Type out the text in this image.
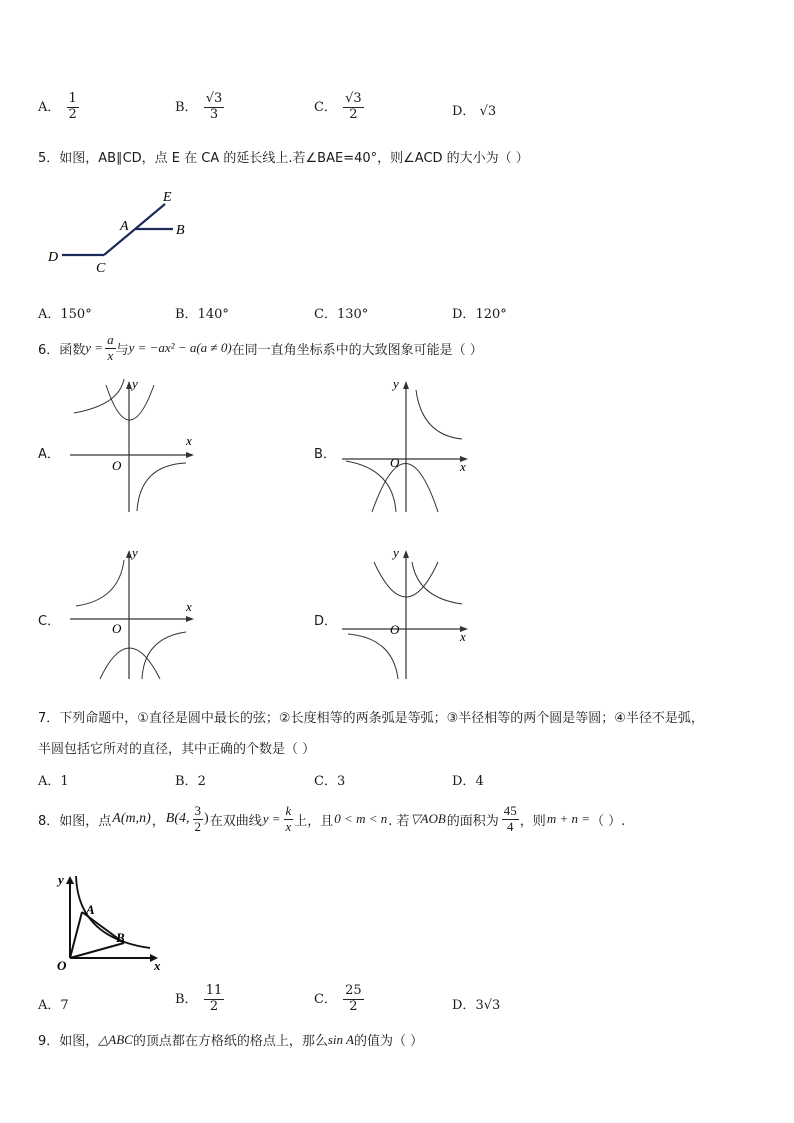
A． $\frac{1}{2}$	B． $\frac{√3}{3}$	C． $\frac{√3}{2}$	D． √3
5．如图，AB∥CD，点 E 在 CA 的延长线上.若∠BAE=40°，则∠ACD 的大小为（ ）
E
A	B
D
C
A．150°	B．140°	C．130°	D．120°
6．函数 $y = \frac{a}{x}$ 与 y = −ax² − a(a ≠ 0) 在同一直角坐标系中的大致图象可能是（ ）
A．
x
y
O
B．
x
y
O
C．
x
y
O	D．
x
y
O
7．下列命题中，①直径是圆中最长的弦；②长度相等的两条弧是等弧；③半径相等的两个圆是等圆；④半径不是弧，
半圆包括它所对的直径，其中正确的个数是（ ）
A．1	B．2	C．3	D．4
8．如图，点 A(m,n) ， B(4, $\frac{3}{2}$ ) 在双曲线 $y = \frac{k}{x}$ 上，且 0 < m < n . 若 ▽AOB 的面积为 $\frac{45}{4}$ ，则 m + n = （ ）.
y
A
B
O	x
A．7	B． $\frac{11}{2}$	C． $\frac{25}{2}$	D．3√3
9．如图， △ABC 的顶点都在方格纸的格点上，那么 sin A 的值为（ ）
